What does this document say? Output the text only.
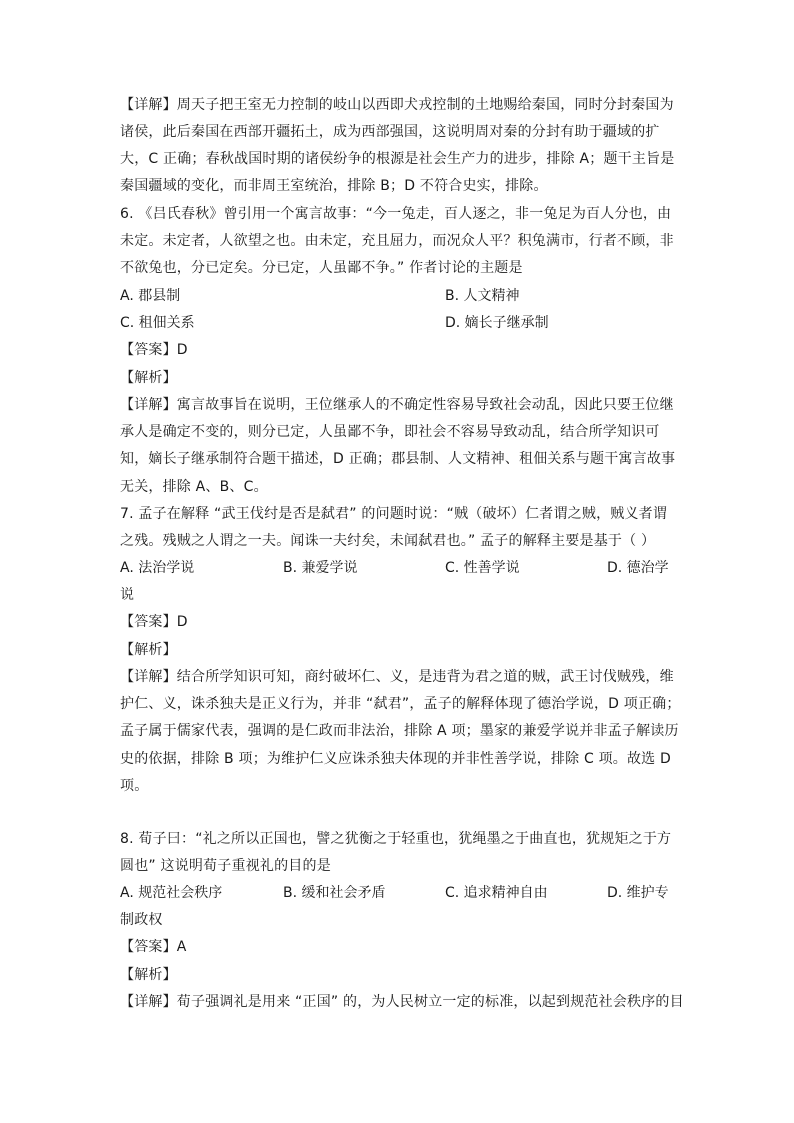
【详解】周天子把王室无力控制的岐山以西即犬戎控制的土地赐给秦国，同时分封秦国为
诸侯，此后秦国在西部开疆拓土，成为西部强国，这说明周对秦的分封有助于疆域的扩
大，C 正确；春秋战国时期的诸侯纷争的根源是社会生产力的进步，排除 A；题干主旨是
秦国疆域的变化，而非周王室统治，排除 B；D 不符合史实，排除。
6. 《吕氏春秋》曾引用一个寓言故事：“今一兔走，百人逐之，非一兔足为百人分也，由
未定。未定者，人欲望之也。由未定，充且屈力，而况众人平？积兔满市，行者不顾，非
不欲兔也，分已定矣。分已定，人虽鄙不争。” 作者讨论的主题是
A. 郡县制	B. 人文精神
C. 租佃关系	D. 嫡长子继承制
【答案】D
【解析】
【详解】寓言故事旨在说明，王位继承人的不确定性容易导致社会动乱，因此只要王位继
承人是确定不变的，则分已定，人虽鄙不争，即社会不容易导致动乱，结合所学知识可
知，嫡长子继承制符合题干描述，D 正确；郡县制、人文精神、租佃关系与题干寓言故事
无关，排除 A、B、C。
7. 孟子在解释 “武王伐纣是否是弑君” 的问题时说：“贼（破坏）仁者谓之贼，贼义者谓
之残。残贼之人谓之一夫。闻诛一夫纣矣，未闻弑君也。” 孟子的解释主要是基于（ ）
A. 法治学说	B. 兼爱学说	C. 性善学说	D. 德治学
说
【答案】D
【解析】
【详解】结合所学知识可知，商纣破坏仁、义，是违背为君之道的贼，武王讨伐贼残，维
护仁、义，诛杀独夫是正义行为，并非 “弑君”，孟子的解释体现了德治学说，D 项正确；
孟子属于儒家代表，强调的是仁政而非法治，排除 A 项；墨家的兼爱学说并非孟子解读历
史的依据，排除 B 项；为维护仁义应诛杀独夫体现的并非性善学说，排除 C 项。故选 D
项。
8. 荀子曰：“礼之所以正国也，譬之犹衡之于轻重也，犹绳墨之于曲直也，犹规矩之于方
圆也” 这说明荀子重视礼的目的是
A. 规范社会秩序	B. 缓和社会矛盾	C. 追求精神自由	D. 维护专
制政权
【答案】A
【解析】
【详解】荀子强调礼是用来 “正国” 的，为人民树立一定的标准，以起到规范社会秩序的目
